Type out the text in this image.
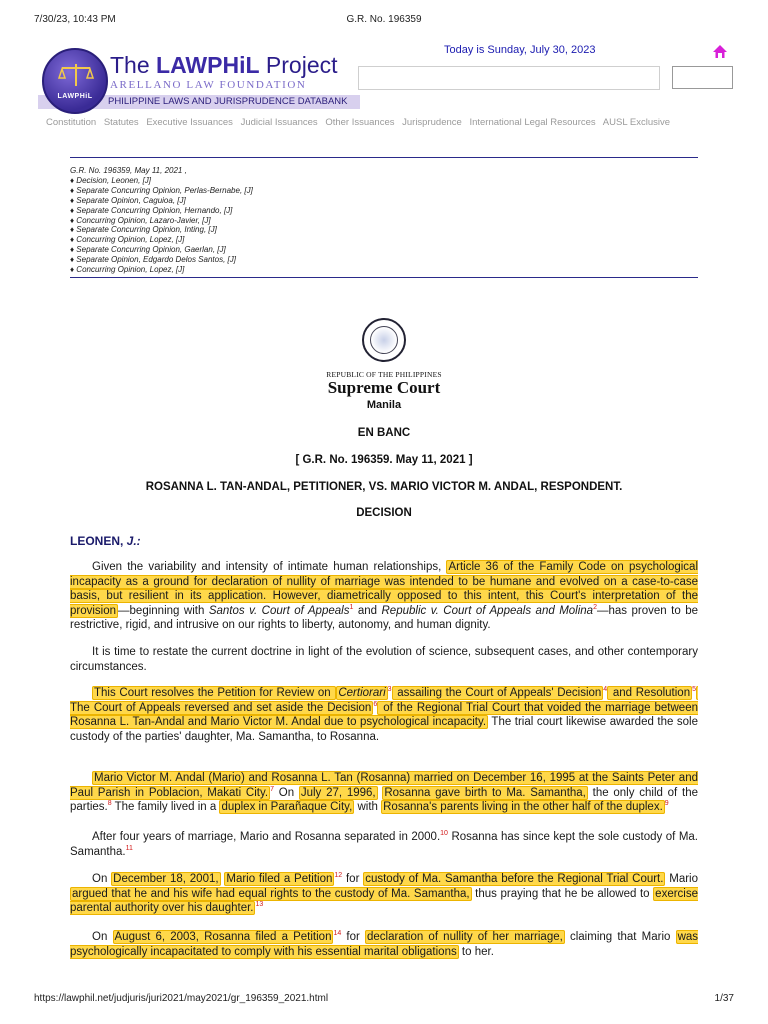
7/30/23, 10:43 PM	G.R. No. 196359
PHILIPPINE LAWS AND JURISPRUDENCE DATABANK
LAWPHiL
The LAWPHiL Project
ARELLANO LAW FOUNDATION
Today is Sunday, July 30, 2023
Constitution Statutes Executive Issuances Judicial Issuances Other Issuances Jurisprudence International Legal Resources AUSL Exclusive
G.R. No. 196359, May 11, 2021 ,
♦ Decision, Leonen, [J]
♦ Separate Concurring Opinion, Perlas-Bernabe, [J]
♦ Separate Opinion, Caguioa, [J]
♦ Separate Concurring Opinion, Hernando, [J]
♦ Concurring Opinion, Lazaro-Javier, [J]
♦ Separate Concurring Opinion, Inting, [J]
♦ Concurring Opinion, Lopez, [J]
♦ Separate Concurring Opinion, Gaerlan, [J]
♦ Separate Opinion, Edgardo Delos Santos, [J]
♦ Concurring Opinion, Lopez, [J]
REPUBLIC OF THE PHILIPPINES
Supreme Court
Manila
EN BANC
[ G.R. No. 196359. May 11, 2021 ]
ROSANNA L. TAN-ANDAL, PETITIONER, VS. MARIO VICTOR M. ANDAL, RESPONDENT.
DECISION
LEONEN, J.:
Given the variability and intensity of intimate human relationships, Article 36 of the Family Code on psychological incapacity as a ground for declaration of nullity of marriage was intended to be humane and evolved on a case-to-case basis, but resilient in its application. However, diametrically opposed to this intent, this Court's interpretation of the provision —beginning with Santos v. Court of Appeals$^1$ and Republic v. Court of Appeals and Molina$^2$—has proven to be restrictive, rigid, and intrusive on our rights to liberty, autonomy, and human dignity.
It is time to restate the current doctrine in light of the evolution of science, subsequent cases, and other contemporary circumstances.
This Court resolves the Petition for Review on Certiorari $^3$ assailing the Court of Appeals' Decision $^4$ and Resolution $^5$ The Court of Appeals reversed and set aside the Decision $^6$ of the Regional Trial Court that voided the marriage between Rosanna L. Tan-Andal and Mario Victor M. Andal due to psychological incapacity. The trial court likewise awarded the sole custody of the parties' daughter, Ma. Samantha, to Rosanna.
Mario Victor M. Andal (Mario) and Rosanna L. Tan (Rosanna) married on December 16, 1995 at the Saints Peter and Paul Parish in Poblacion, Makati City. $^7$ On July 27, 1996, Rosanna gave birth to Ma. Samantha, the only child of the parties.$^8$ The family lived in a duplex in Parañaque City, with Rosanna's parents living in the other half of the duplex. $^9$
After four years of marriage, Mario and Rosanna separated in 2000.10 Rosanna has since kept the sole custody of Ma. Samantha.$^{11}$
On December 18, 2001, Mario filed a Petition $^{12}$ for custody of Ma. Samantha before the Regional Trial Court. Mario argued that he and his wife had equal rights to the custody of Ma. Samantha, thus praying that he be allowed to exercise parental authority over his daughter. $^{13}$
On August 6, 2003, Rosanna filed a Petition $^{14}$ for declaration of nullity of her marriage, claiming that Mario was psychologically incapacitated to comply with his essential marital obligations to her.
https://lawphil.net/judjuris/juri2021/may2021/gr_196359_2021.html	1/37
